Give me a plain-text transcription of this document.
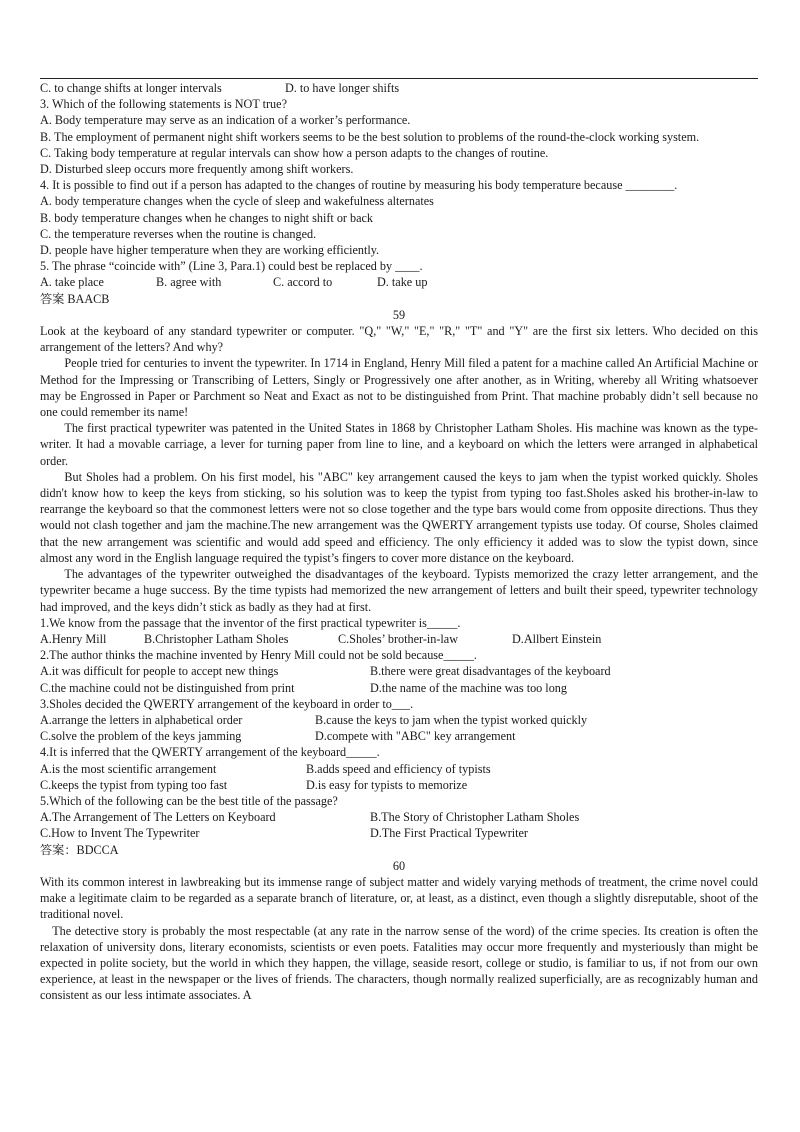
C. to change shifts at longer intervals	D. to have longer shifts
3. Which of the following statements is NOT true?
A. Body temperature may serve as an indication of a worker’s performance.
B. The employment of permanent night shift workers seems to be the best solution to problems of the round-the-clock working system.
C. Taking body temperature at regular intervals can show how a person adapts to the changes of routine.
D. Disturbed sleep occurs more frequently among shift workers.
4. It is possible to find out if a person has adapted to the changes of routine by measuring his body temperature because ________.
A. body temperature changes when the cycle of sleep and wakefulness alternates
B. body temperature changes when he changes to night shift or back
C. the temperature reverses when the routine is changed.
D. people have higher temperature when they are working efficiently.
5. The phrase “coincide with” (Line 3, Para.1) could best be replaced by ____.
A. take place	B. agree with	C. accord to	D. take up
答案 BAACB
59
Look at the keyboard of any standard typewriter or computer. "Q," "W," "E," "R," "T" and "Y" are the first six letters. Who decided on this arrangement of the letters? And why?
People tried for centuries to invent the typewriter. In 1714 in England, Henry Mill filed a patent for a machine called An Artificial Machine or Method for the Impressing or Transcribing of Letters, Singly or Progressively one after another, as in Writing, whereby all Writing whatsoever may be Engrossed in Paper or Parchment so Neat and Exact as not to be distinguished from Print. That machine probably didn’t sell because no one could remember its name!
The first practical typewriter was patented in the United States in 1868 by Christopher Latham Sholes. His machine was known as the type-writer. It had a movable carriage, a lever for turning paper from line to line, and a keyboard on which the letters were arranged in alphabetical order.
But Sholes had a problem. On his first model, his "ABC" key arrangement caused the keys to jam when the typist worked quickly. Sholes didn't know how to keep the keys from sticking, so his solution was to keep the typist from typing too fast.Sholes asked his brother-in-law to rearrange the keyboard so that the commonest letters were not so close together and the type bars would come from opposite directions. Thus they would not clash together and jam the machine.The new arrangement was the QWERTY arrangement typists use today. Of course, Sholes claimed that the new arrangement was scientific and would add speed and efficiency. The only efficiency it added was to slow the typist down, since almost any word in the English language required the typist’s fingers to cover more distance on the keyboard.
The advantages of the typewriter outweighed the disadvantages of the keyboard. Typists memorized the crazy letter arrangement, and the typewriter became a huge success. By the time typists had memorized the new arrangement of letters and built their speed, typewriter technology had improved, and the keys didn’t stick as badly as they had at first.
1.We know from the passage that the inventor of the first practical typewriter is_____.
A.Henry Mill	B.Christopher Latham Sholes	C.Sholes’ brother-in-law	D.Allbert Einstein
2.The author thinks the machine invented by Henry Mill could not be sold because_____.
A.it was difficult for people to accept new things	B.there were great disadvantages of the keyboard
C.the machine could not be distinguished from print	D.the name of the machine was too long
3.Sholes decided the QWERTY arrangement of the keyboard in order to___.
A.arrange the letters in alphabetical order	B.cause the keys to jam when the typist worked quickly
C.solve the problem of the keys jamming	D.compete with "ABC" key arrangement
4.It is inferred that the QWERTY arrangement of the keyboard_____.
A.is the most scientific arrangement	B.adds speed and efficiency of typists
C.keeps the typist from typing too fast	D.is easy for typists to memorize
5.Which of the following can be the best title of the passage?
A.The Arrangement of The Letters on Keyboard	B.The Story of Christopher Latham Sholes
C.How to Invent The Typewriter	D.The First Practical Typewriter
答案：BDCCA
60
With its common interest in lawbreaking but its immense range of subject matter and widely varying methods of treatment, the crime novel could make a legitimate claim to be regarded as a separate branch of literature, or, at least, as a distinct, even though a slightly disreputable, shoot of the traditional novel.
The detective story is probably the most respectable (at any rate in the narrow sense of the word) of the crime species. Its creation is often the relaxation of university dons, literary economists, scientists or even poets. Fatalities may occur more frequently and mysteriously than might be expected in polite society, but the world in which they happen, the village, seaside resort, college or studio, is familiar to us, if not from our own experience, at least in the newspaper or the lives of friends. The characters, though normally realized superficially, are as recognizably human and consistent as our less intimate associates. A
